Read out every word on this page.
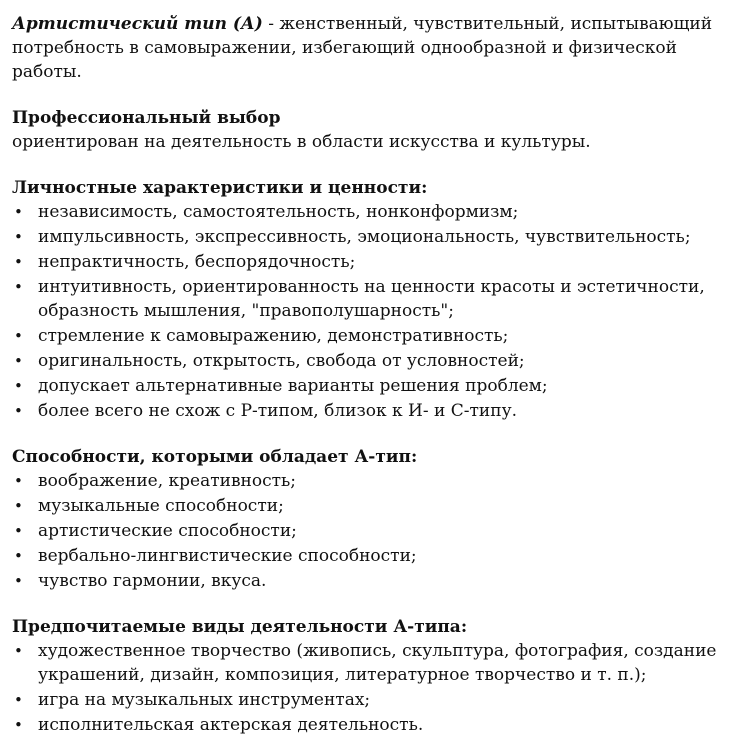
Артистический тип (А) - женственный, чувствительный, испытывающий потребность в самовыражении, избегающий однообразной и физической работы.

Профессиональный выбор

ориентирован на деятельность в области искусства и культуры.

Личностные характеристики и ценности:

• независимость, самостоятельность, нонконформизм;
• импульсивность, экспрессивность, эмоциональность, чувствительность;
• непрактичность, беспорядочность;
• интуитивность, ориентированность на ценности красоты и эстетичности, образность мышления, "правополушарность";
• стремление к самовыражению, демонстративность;
• оригинальность, открытость, свобода от условностей;
• допускает альтернативные варианты решения проблем;
• более всего не схож с Р-типом, близок к И- и С-типу.

Способности, которыми обладает А-тип:

• воображение, креативность;
• музыкальные способности;
• артистические способности;
• вербально-лингвистические способности;
• чувство гармонии, вкуса.

Предпочитаемые виды деятельности А-типа:

• художественное творчество (живопись, скульптура, фотография, создание украшений, дизайн, композиция, литературное творчество и т. п.);
• игра на музыкальных инструментах;
• исполнительская актерская деятельность.
